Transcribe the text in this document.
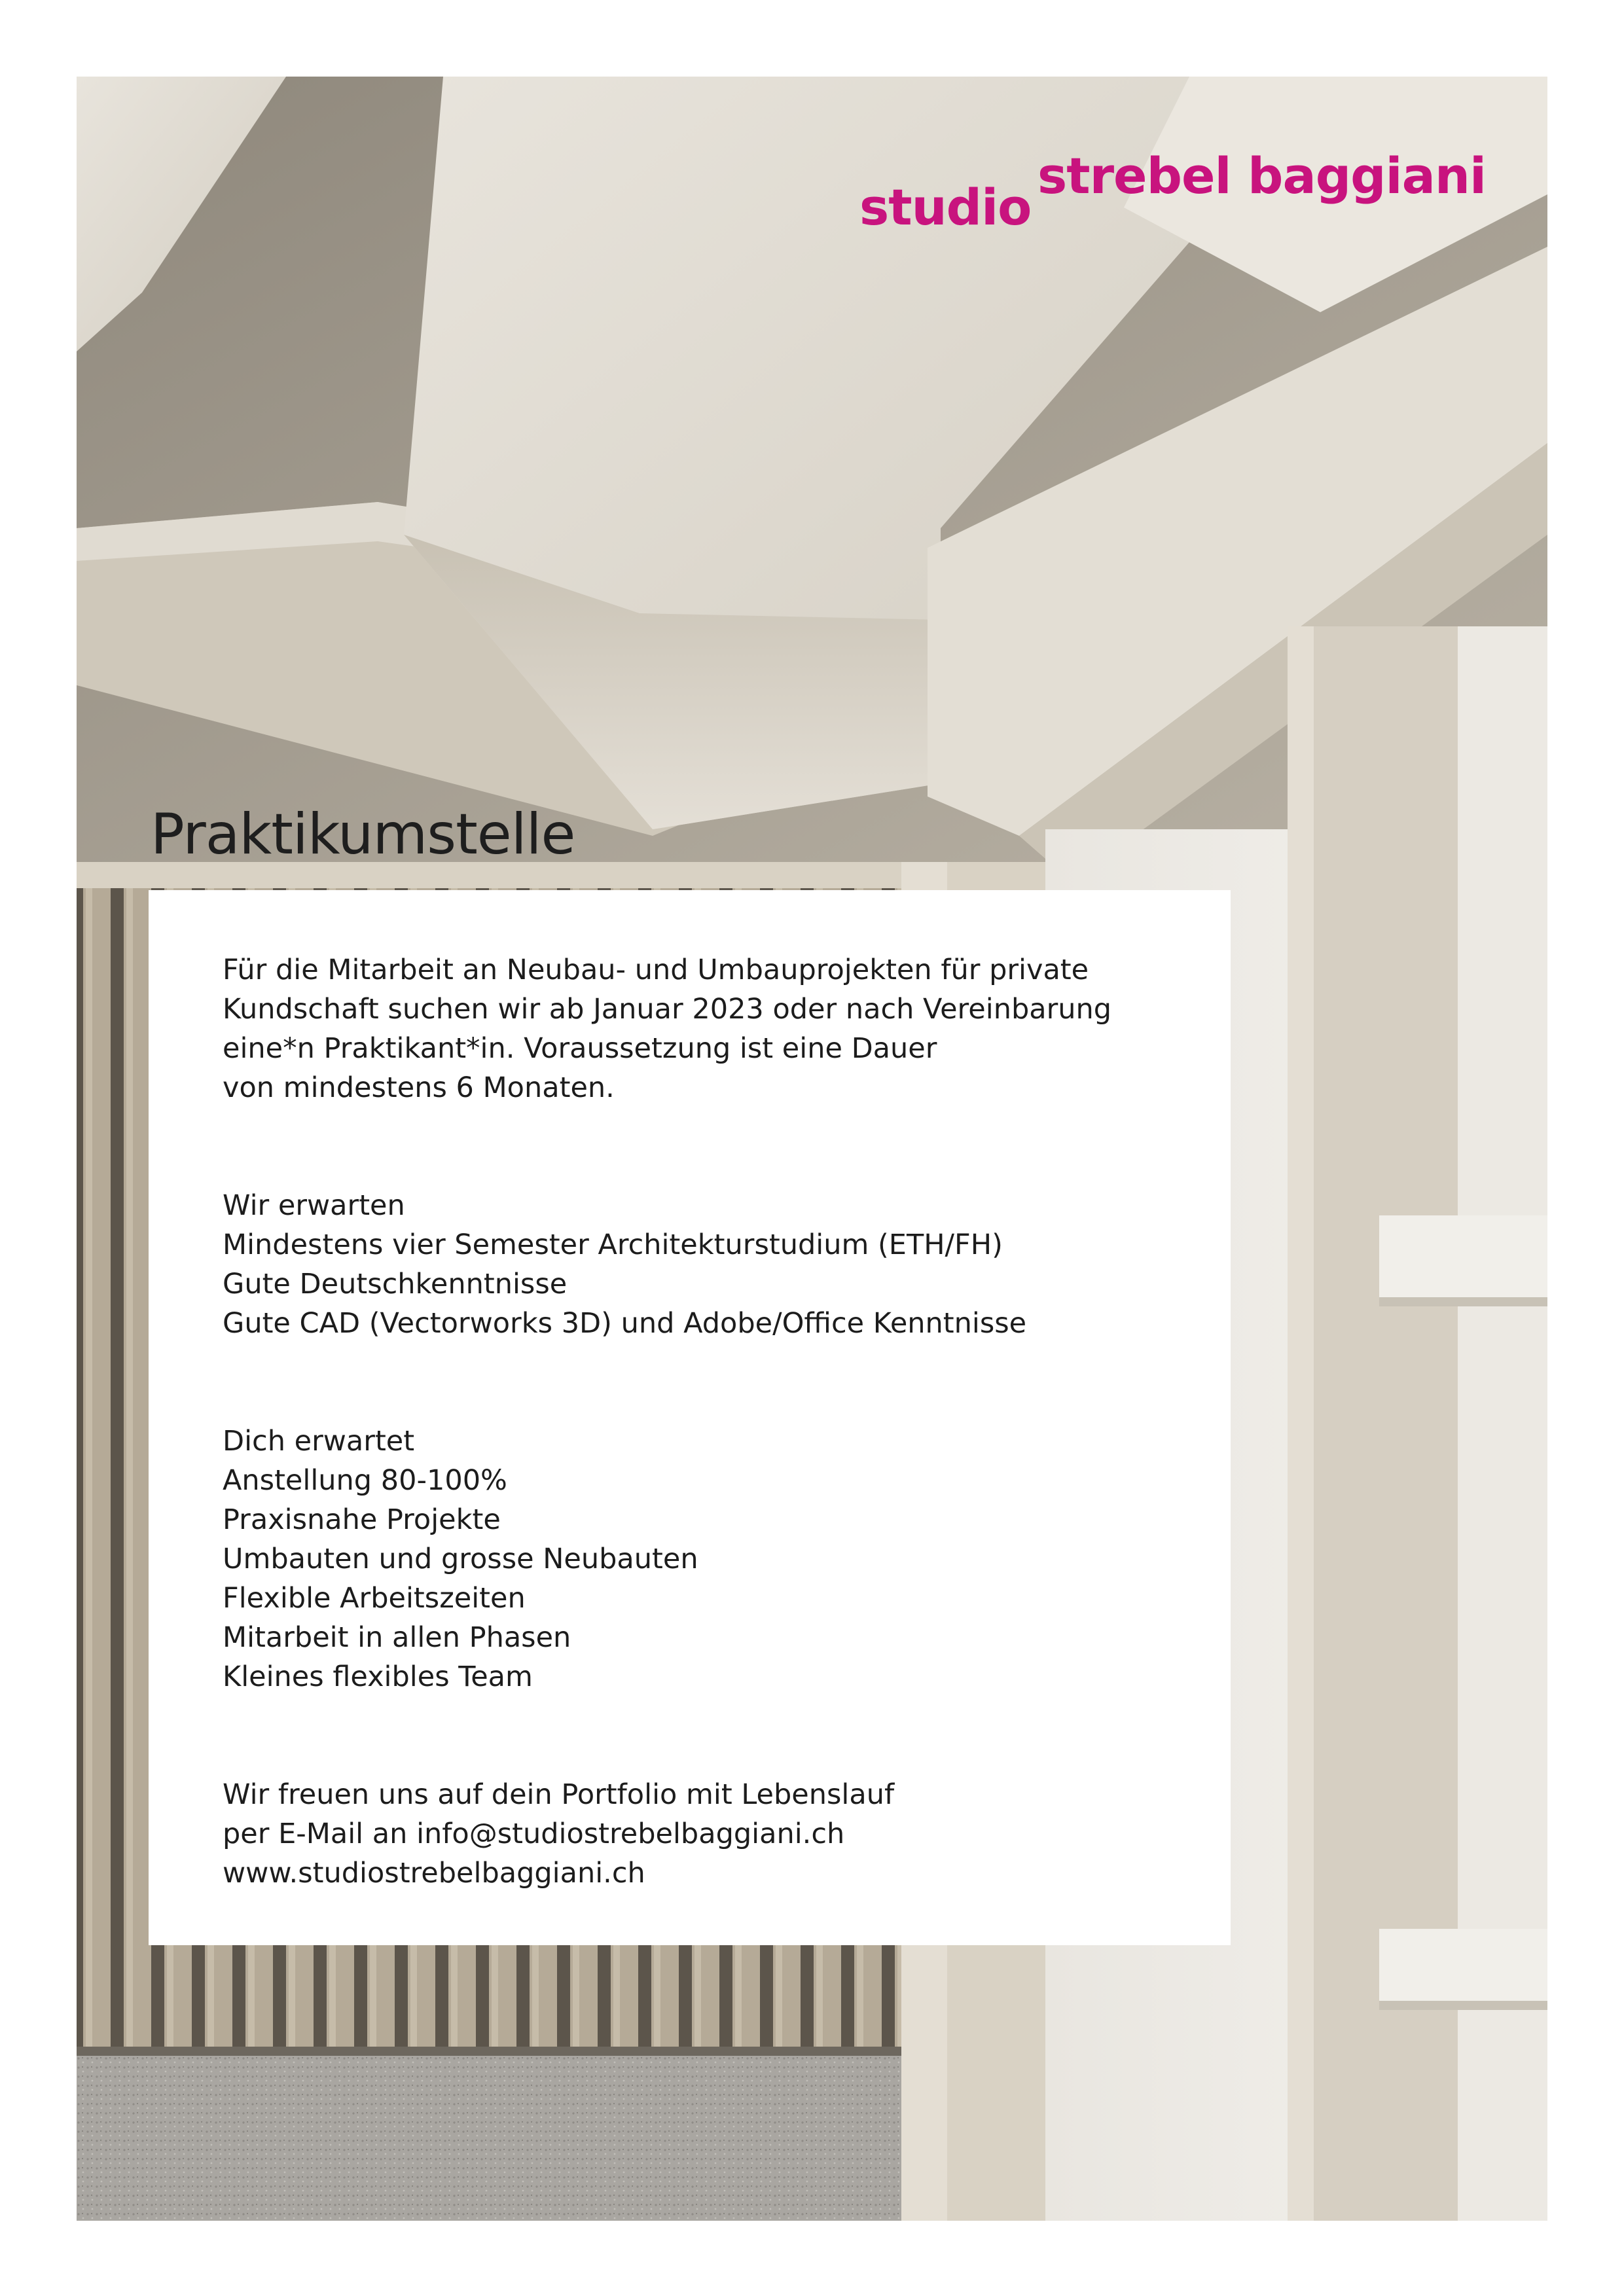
strebel baggiani
studio
Praktikumstelle

Für die Mitarbeit an Neubau- und Umbauprojekten für private
Kundschaft suchen wir ab Januar 2023 oder nach Vereinbarung
eine*n Praktikant*in. Voraussetzung ist eine Dauer
von mindestens 6 Monaten.

Wir erwarten
Mindestens vier Semester Architekturstudium (ETH/FH)
Gute Deutschkenntnisse
Gute CAD (Vectorworks 3D) und Adobe/Office Kenntnisse

Dich erwartet
Anstellung 80-100%
Praxisnahe Projekte
Umbauten und grosse Neubauten
Flexible Arbeitszeiten
Mitarbeit in allen Phasen
Kleines flexibles Team

Wir freuen uns auf dein Portfolio mit Lebenslauf
per E-Mail an info@studiostrebelbaggiani.ch
www.studiostrebelbaggiani.ch
